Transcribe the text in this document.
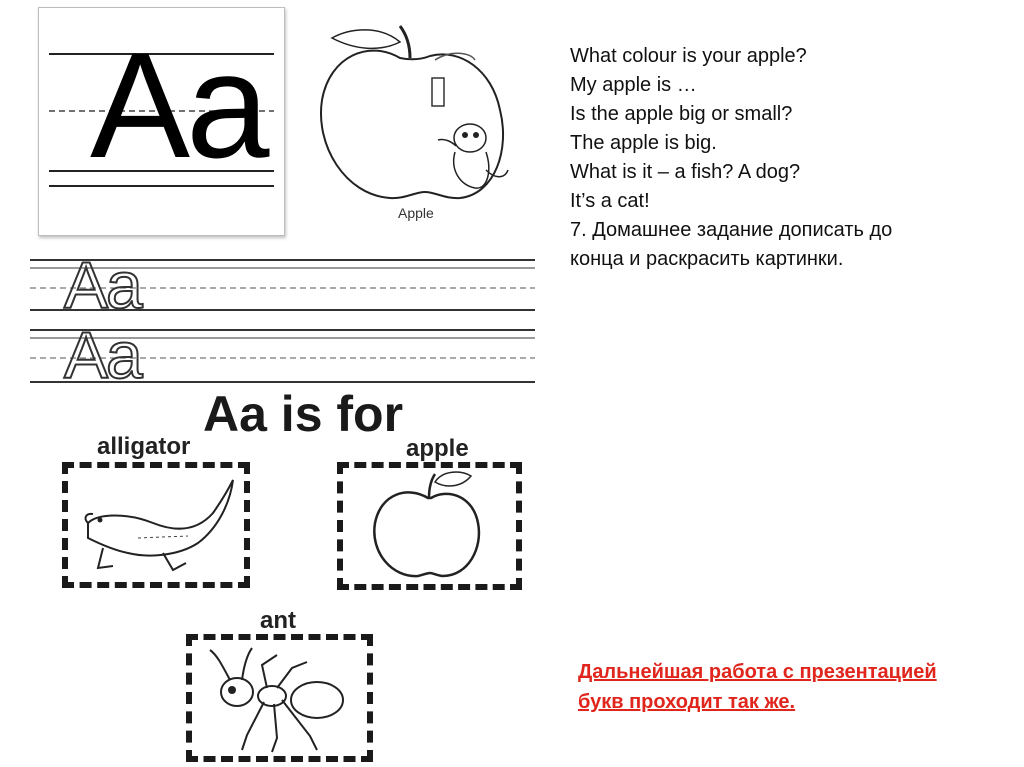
Aa
Apple
What colour is your apple?
My apple is …
Is the apple big or small?
The apple is big.
What is it – a fish? A dog?
It’s a cat!
7. Домашнее задание дописать до
конца и раскрасить картинки.
Aa
Aa
Aa is for
alligator	apple
ant
Дальнейшая работа с презентацией
букв проходит так же.
